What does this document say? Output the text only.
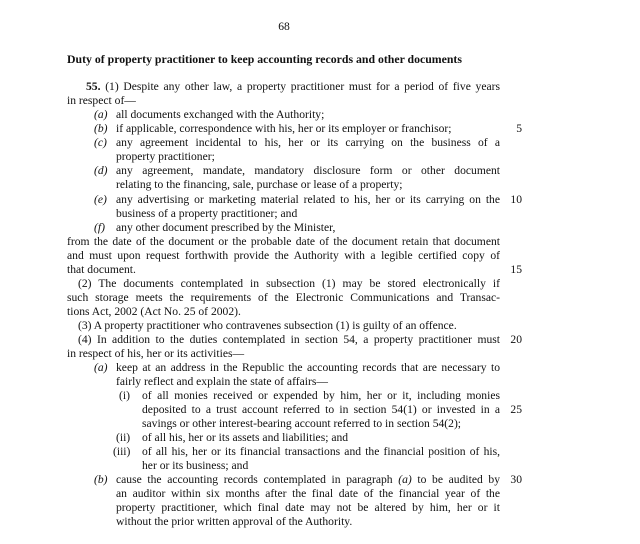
68
Duty of property practitioner to keep accounting records and other documents
55. (1) Despite any other law, a property practitioner must for a period of five years
in respect of—
(a) all documents exchanged with the Authority;
(b) if applicable, correspondence with his, her or its employer or franchisor;	5
(c) any agreement incidental to his, her or its carrying on the business of a
property practitioner;
(d) any agreement, mandate, mandatory disclosure form or other document
relating to the financing, sale, purchase or lease of a property;
(e) any advertising or marketing material related to his, her or its carrying on the 10
business of a property practitioner; and
(f) any other document prescribed by the Minister,
from the date of the document or the probable date of the document retain that document
and must upon request forthwith provide the Authority with a legible certified copy of
that document.	15
(2) The documents contemplated in subsection (1) may be stored electronically if
such storage meets the requirements of the Electronic Communications and Transac-
tions Act, 2002 (Act No. 25 of 2002).
(3) A property practitioner who contravenes subsection (1) is guilty of an offence.
(4) In addition to the duties contemplated in section 54, a property practitioner must 20
in respect of his, her or its activities—
(a) keep at an address in the Republic the accounting records that are necessary to
fairly reflect and explain the state of affairs—
(i) of all monies received or expended by him, her or it, including monies
deposited to a trust account referred to in section 54(1) or invested in a 25
savings or other interest-bearing account referred to in section 54(2);
(ii) of all his, her or its assets and liabilities; and
(iii) of all his, her or its financial transactions and the financial position of his,
her or its business; and
(b) cause the accounting records contemplated in paragraph (a) to be audited by 30
an auditor within six months after the final date of the financial year of the
property practitioner, which final date may not be altered by him, her or it
without the prior written approval of the Authority.
